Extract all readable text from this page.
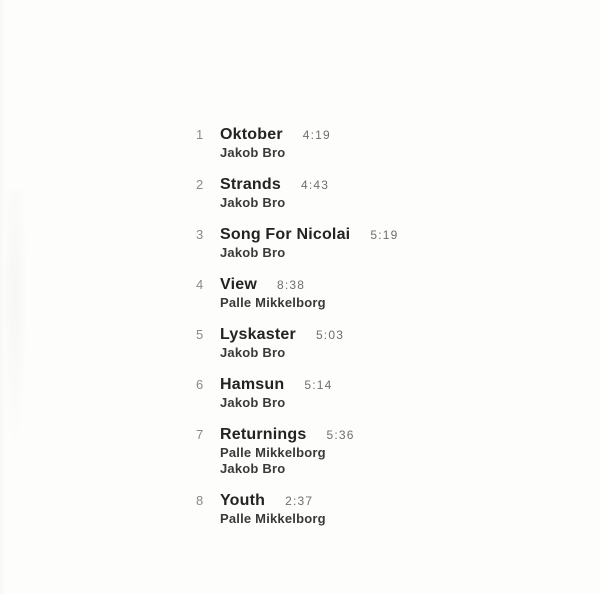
1	Oktober 4:19
Jakob Bro
2	Strands 4:43
Jakob Bro
3	Song For Nicolai 5:19
Jakob Bro
4	View 8:38
Palle Mikkelborg
5	Lyskaster 5:03
Jakob Bro
6	Hamsun 5:14
Jakob Bro
7	Returnings 5:36
Palle Mikkelborg
Jakob Bro
8	Youth 2:37
Palle Mikkelborg
